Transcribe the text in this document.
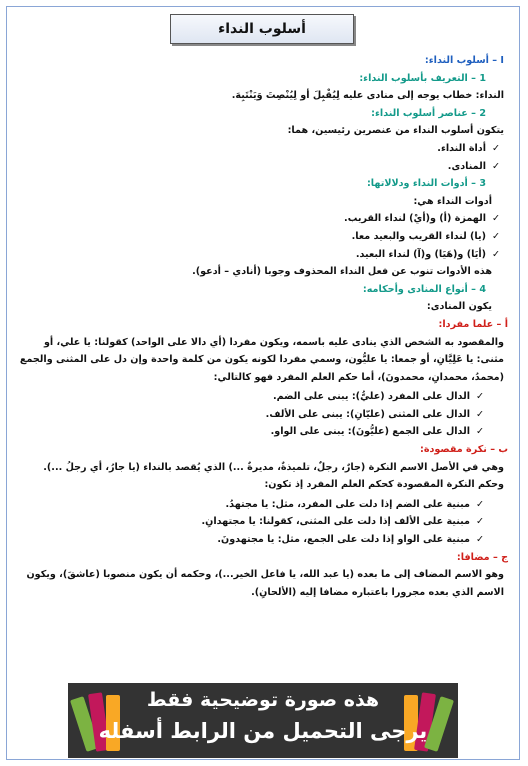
أسلوب النداء
I – أسلوب النداء:
1 – التعريف بأسلوب النداء:
النداء: خطاب يوجه إلى منادى عليه لِيُقْبِلَ أو لِيُنْصِتَ وَيَنْتَبِهَ.
2 – عناصر أسلوب النداء:
يتكون أسلوب النداء من عنصرين رئيسين، هما:
✓أداة النداء.
✓المنادى.
3 – أدوات النداء ودلالاتها:
أدوات النداء هي:
✓الهمزة (أ) و(أيْ) لنداء القريب.
✓(يا) لنداء القريب والبعيد معا.
✓(أيَا) و(هَيَا) و(آ) لنداء البعيد.
هذه الأدوات تنوب عن فعل النداء المحذوف وجوبا (أنادي – أدعو).
4 – أنواع المنادى وأحكامه:
يكون المنادى:
أ – علما مفردا:
والمقصود به الشخص الذي ينادى عليه باسمه، ويكون مفردا (أي دالا على الواحد) كقولنا: يا علي، أو مثنى: يا عَلِيَّانِ، أو جمعا: يا عليُّون، وسمي مفردا لكونه يكون من كلمة واحدة وإن دل على المثنى والجمع (محمدُ، محمدانِ، محمدونَ)، أما حكم العلم المفرد فهو كالتالي:
✓الدال على المفرد (عليُّ): يبنى على الضم.
✓الدال على المثنى (عليّانِ): يبنى على الألف.
✓الدال على الجمع (عليُّونَ): يبنى على الواو.
ب – نكرة مقصودة:
وهي في الأصل الاسم النكرة (جارٌ، رجلٌ، تلميذةٌ، مديرةٌ ...) الذي يُقصد بالنداء (يا جارُ، أي رجلُ ...). وحكم النكرة المقصودة كحكم العلم المفرد إذ تكون:
✓مبنية على الضم إذا دلت على المفرد، مثل: يا مجتهدُ.
✓مبنية على الألف إذا دلت على المثنى، كقولنا: يا مجتهدانِ.
✓مبنية على الواو إذا دلت على الجمع، مثل: يا مجتهدونَ.
ج – مضافا:
وهو الاسم المضاف إلى ما بعده (يا عبد الله، يا فاعل الخير...)، وحكمه أن يكون منصوبا (عاشقَ)، ويكون الاسم الذي بعده مجرورا باعتباره مضافا إليه (الألحانِ).
هذه صورة توضيحية فقط
يرجى التحميل من الرابط أسفله
